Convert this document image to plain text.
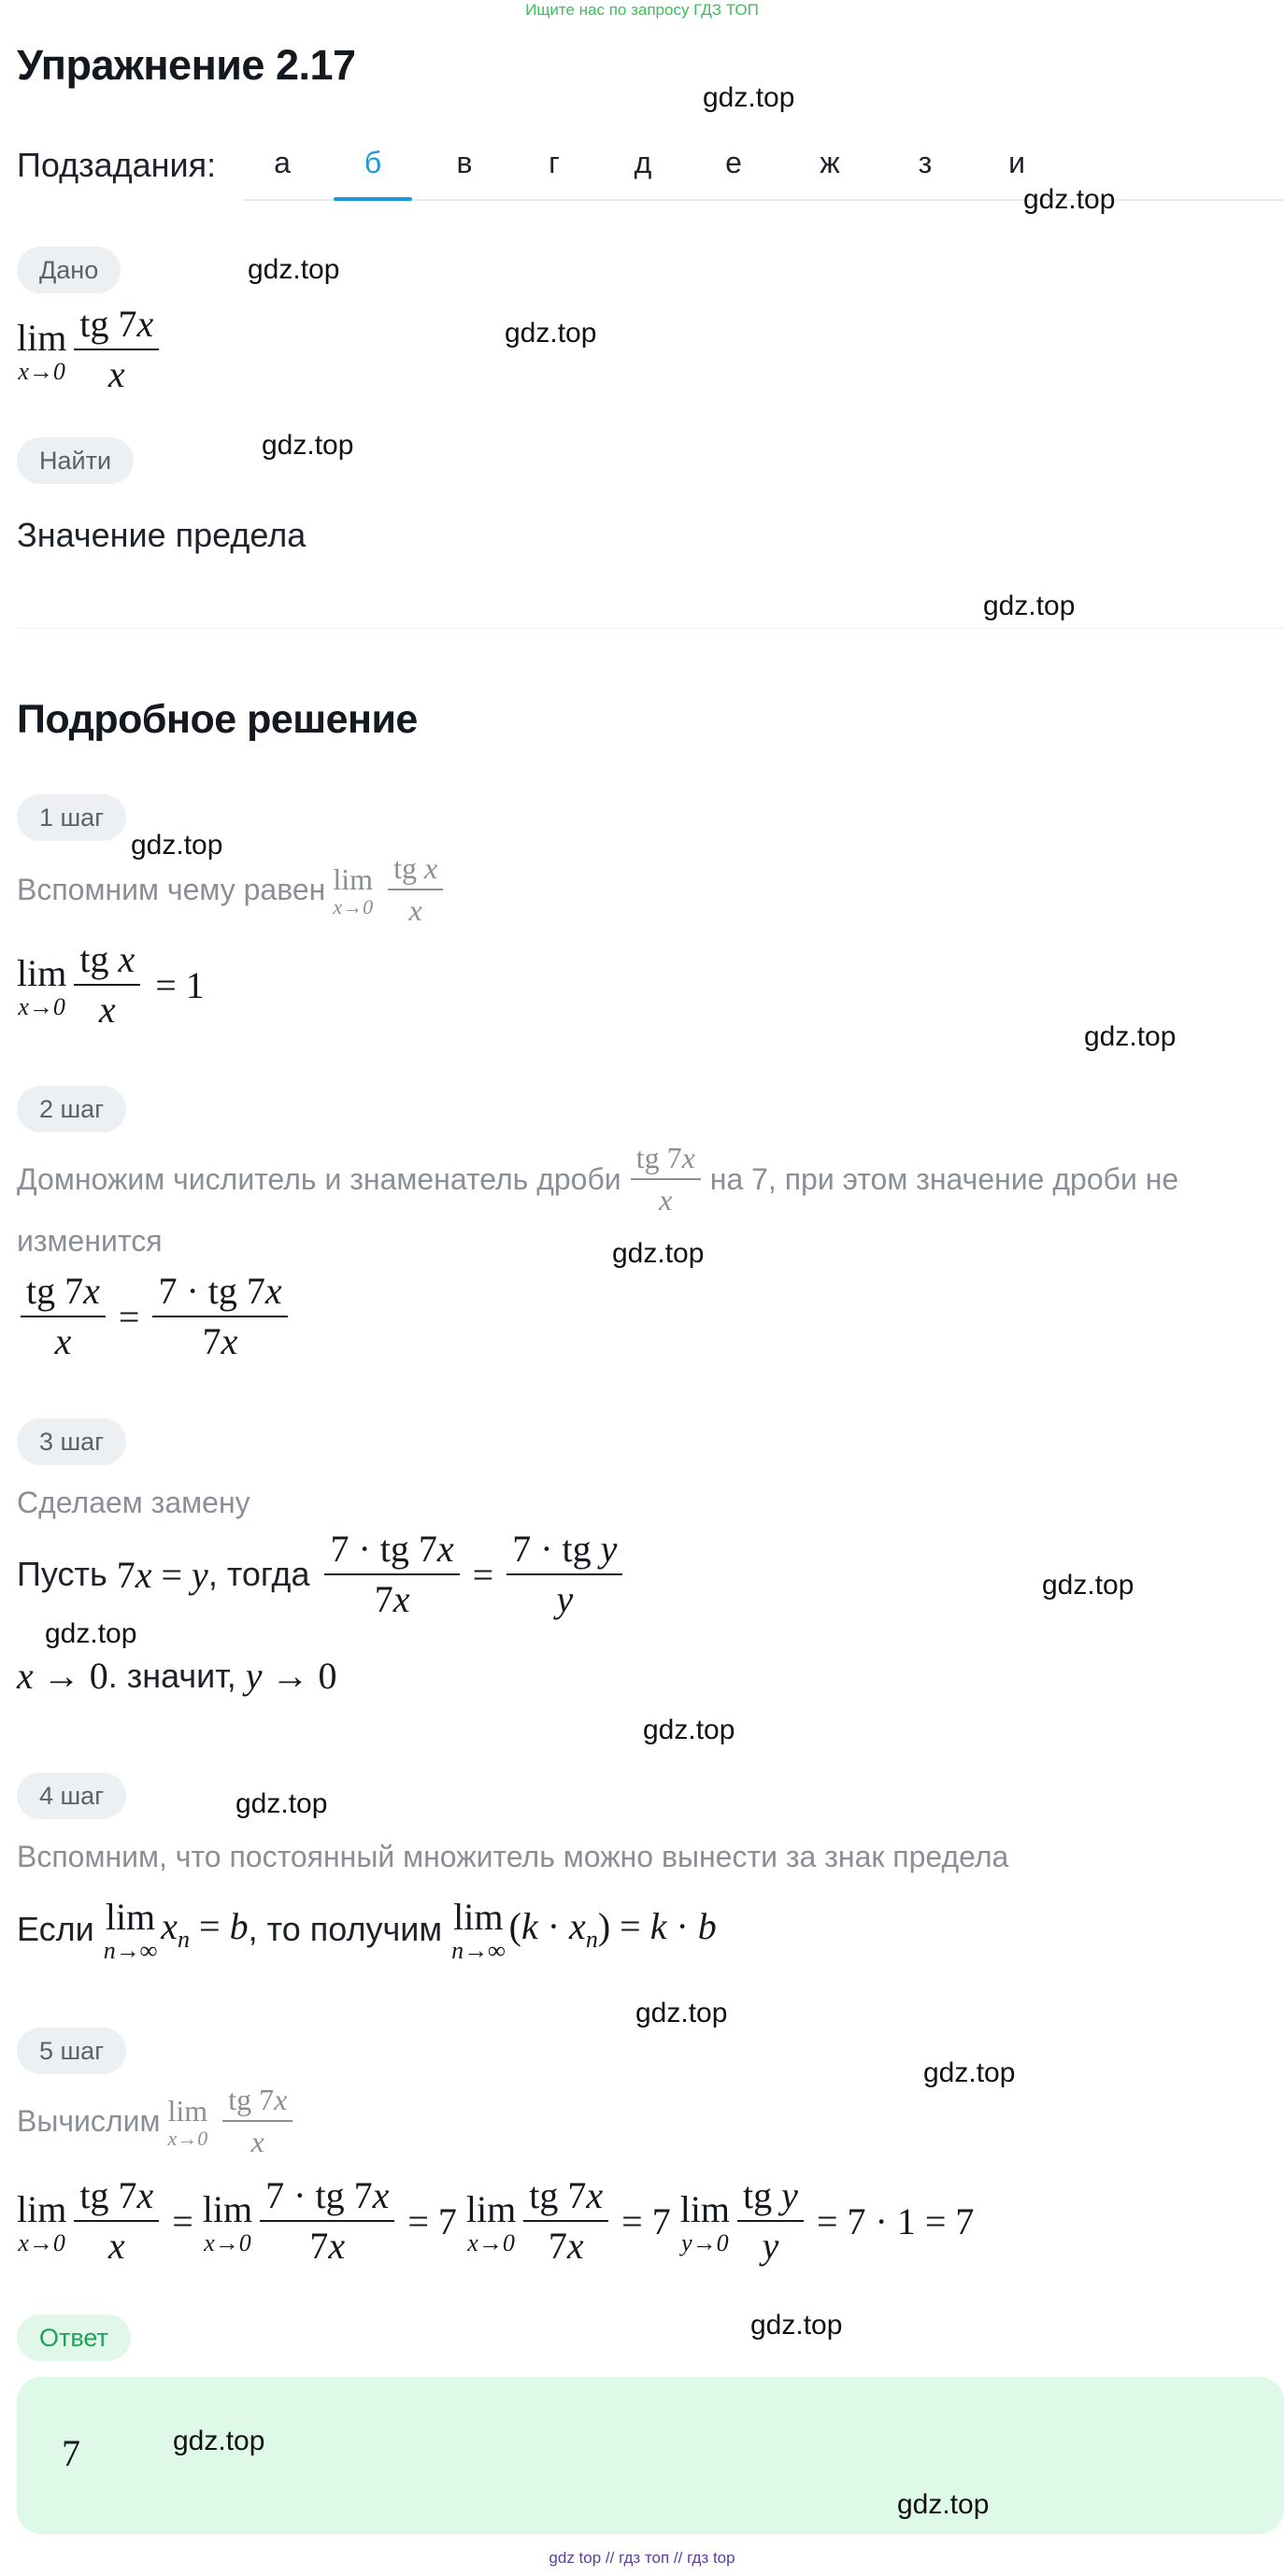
Ищите нас по запросу ГДЗ ТОП
Упражнение 2.17
Подзадания:	а	б	в	г	д	е	ж	з	и
Дано
lim
$x\to 0 \frac{tg 7x}{x}$
Найти
Значение предела
Подробное решение
1 шаг
Вспомним чему равен lim
x→0
$\frac{\text{tg x}}{x}$
lim
$x\to 0 \frac{\text{tg x}}{x} = 1$
2 шаг
Домножим числитель и знаменатель дроби $\frac{tg 7x}{x}$ на 7, при этом значение дроби не
изменится
$\frac{tg 7x}{x} = \frac{7 \cdot tg 7x}{7x}$
3 шаг
Сделаем замену
Пусть 7x = y , тогда $\frac{7 \cdot tg 7x}{7x} = \frac{\text{7 · tg y}}{y}$
x → 0 . значит, y → 0
4 шаг
Вспомним, что постоянный множитель можно вынести за знак предела
Если lim
n→∞
$x_n = b$ , то получим lim
n→∞
$(k \cdot x_n) = k \cdot b$
5 шаг
Вычислим lim
x→0
$\frac{tg 7x}{x}$
lim
$x\to 0 \frac{tg 7x}{x} = \lim$
$x\to 0 \frac{7 \cdot tg 7x}{7x} = 7$ lim
$x\to 0 \frac{tg 7x}{7x} = 7$ lim
$y\to 0 \frac{\text{tg y}}{y} = 7 \cdot 1 = 7$
Ответ
7
gdz.top
gdz.top
gdz.top
gdz.top
gdz.top
gdz.top
gdz.top
gdz.top
gdz.top
gdz.top
gdz.top
gdz.top
gdz.top
gdz.top
gdz.top
gdz.top
gdz.top
gdz.top
gdz top // гдз топ // гдз top
